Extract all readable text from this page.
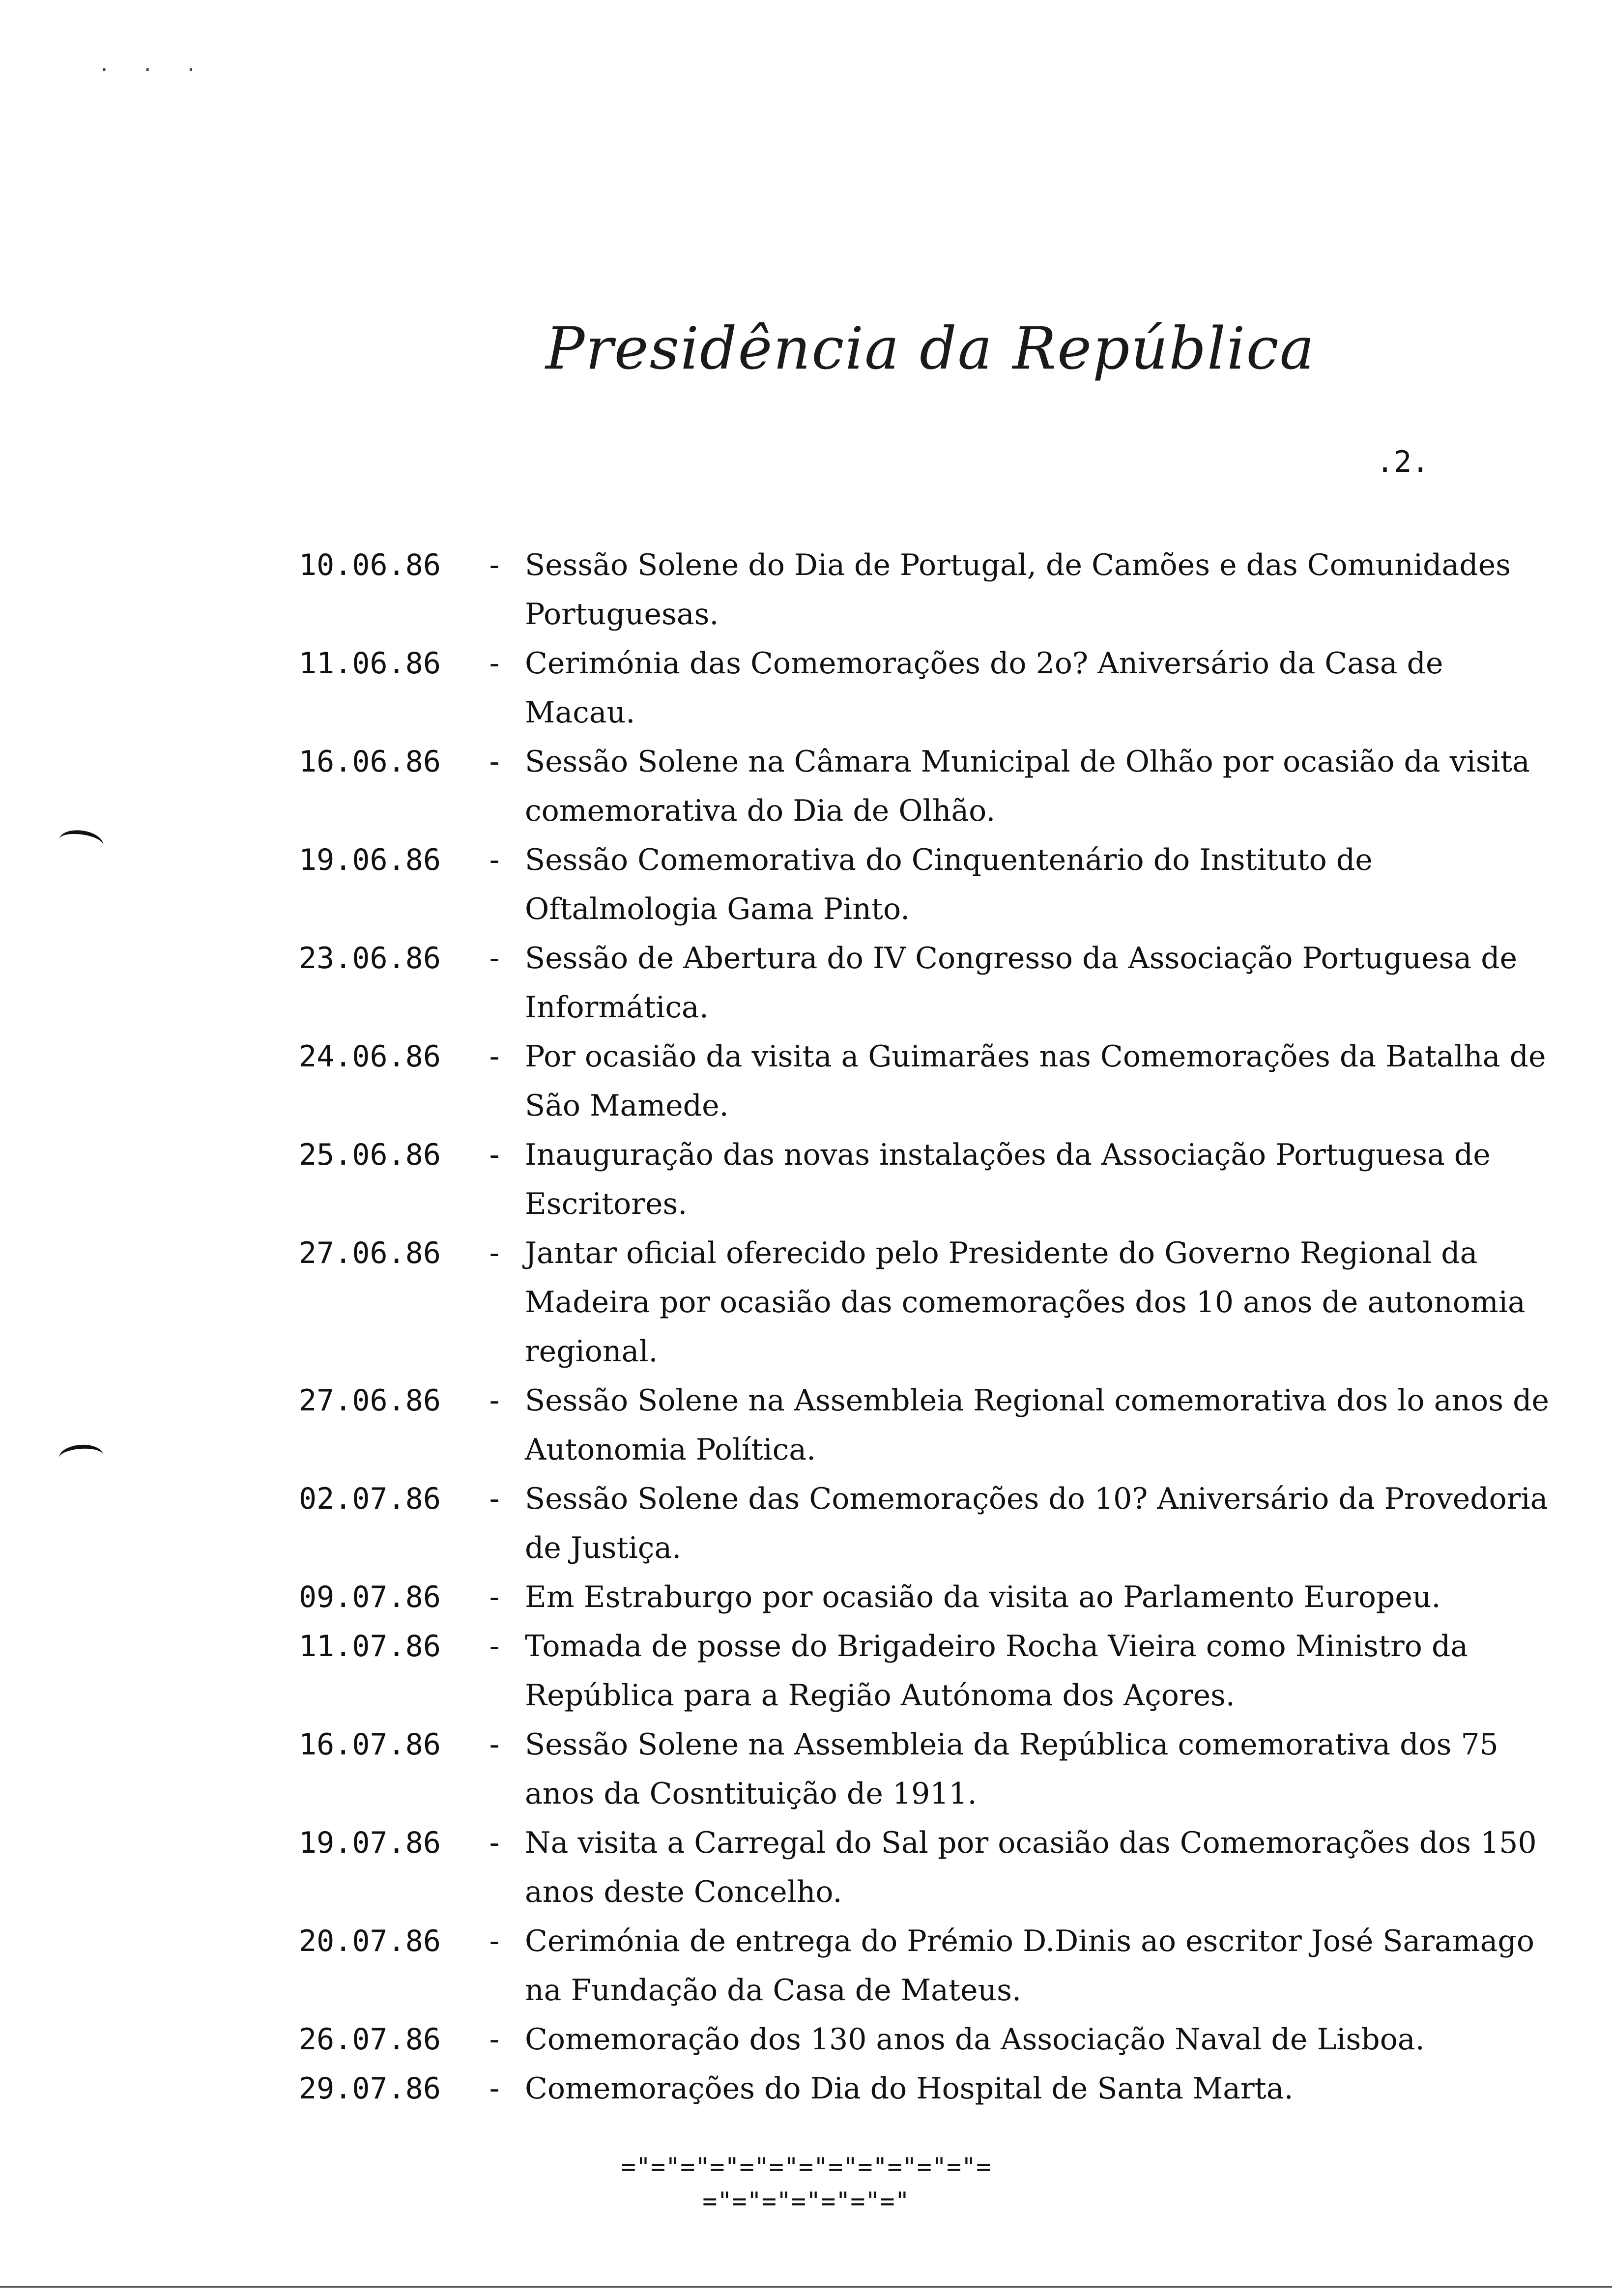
· · ·
Presidência da República
.2.
10.06.86	- Sessão Solene do Dia de Portugal, de Camões e das Comunidades Portuguesas.
11.06.86	- Cerimónia das Comemorações do 2o? Aniversário da Casa de Macau.
16.06.86	- Sessão Solene na Câmara Municipal de Olhão por ocasião da visita comemorativa do Dia de Olhão.
19.06.86	- Sessão Comemorativa do Cinquentenário do Instituto de Oftalmologia Gama Pinto.
23.06.86	- Sessão de Abertura do IV Congresso da Associação Portuguesa de Informática.
24.06.86	- Por ocasião da visita a Guimarães nas Comemorações da Batalha de São Mamede.
25.06.86	- Inauguração das novas instalações da Associação Portuguesa de Escritores.
27.06.86	- Jantar oficial oferecido pelo Presidente do Governo Regional da Madeira por ocasião das comemorações dos 10 anos de autonomia regional.
27.06.86	- Sessão Solene na Assembleia Regional comemorativa dos lo anos de Autonomia Política.
02.07.86	- Sessão Solene das Comemorações do 10? Aniversário da Provedoria de Justiça.
09.07.86	- Em Estraburgo por ocasião da visita ao Parlamento Europeu.
11.07.86	- Tomada de posse do Brigadeiro Rocha Vieira como Ministro da República para a Região Autónoma dos Açores.
16.07.86	- Sessão Solene na Assembleia da República comemorativa dos 75 anos da Cosntituição de 1911.
19.07.86	- Na visita a Carregal do Sal por ocasião das Comemorações dos 150 anos deste Concelho.
20.07.86	- Cerimónia de entrega do Prémio D.Dinis ao escritor José Saramago na Fundação da Casa de Mateus.
26.07.86	- Comemoração dos 130 anos da Associação Naval de Lisboa.
29.07.86	- Comemorações do Dia do Hospital de Santa Marta.
="="="="="="="="="="="="=
="="="="="="="
